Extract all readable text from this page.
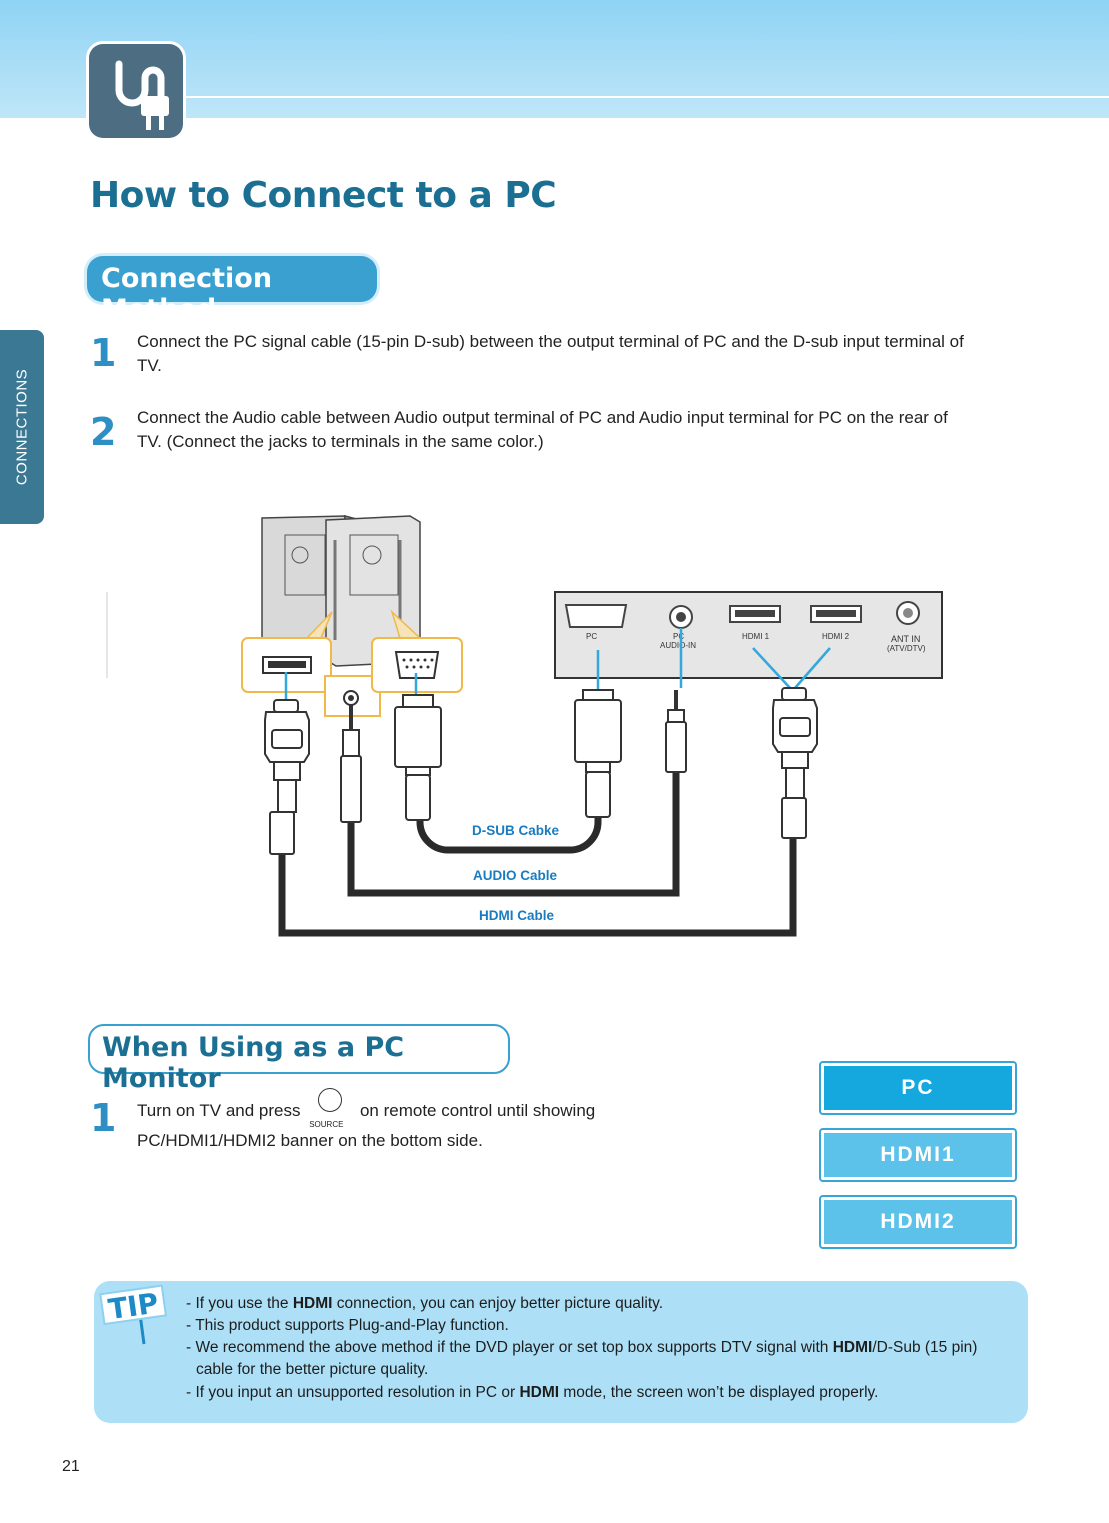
CONNECTIONS
How to Connect to a PC
Connection Method
1 Connect the PC signal cable (15-pin D-sub) between the output terminal of PC and the D-sub input terminal of
TV.
2 Connect the Audio cable between Audio output terminal of PC and Audio input terminal for PC on the rear of
TV. (Connect the jacks to terminals in the same color.)
PC	PC
AUDIO-IN
HDMI 1	HDMI 2	ANT IN
(ATV/DTV)
D-SUB Cabke
AUDIO Cable
HDMI Cable
When Using as a PC Monitor
1 Turn on TV and press
SOURCE
on remote control until showing
PC/HDMI1/HDMI2 banner on the bottom side.
PC
HDMI1
HDMI2
- If you use the HDMI connection, you can enjoy better picture quality.
- This product supports Plug-and-Play function.
- We recommend the above method if the DVD player or set top box supports DTV signal with HDMI/D-Sub (15 pin)
cable for the better picture quality.
- If you input an unsupported resolution in PC or HDMI mode, the screen won’t be displayed properly.
TIP
21
